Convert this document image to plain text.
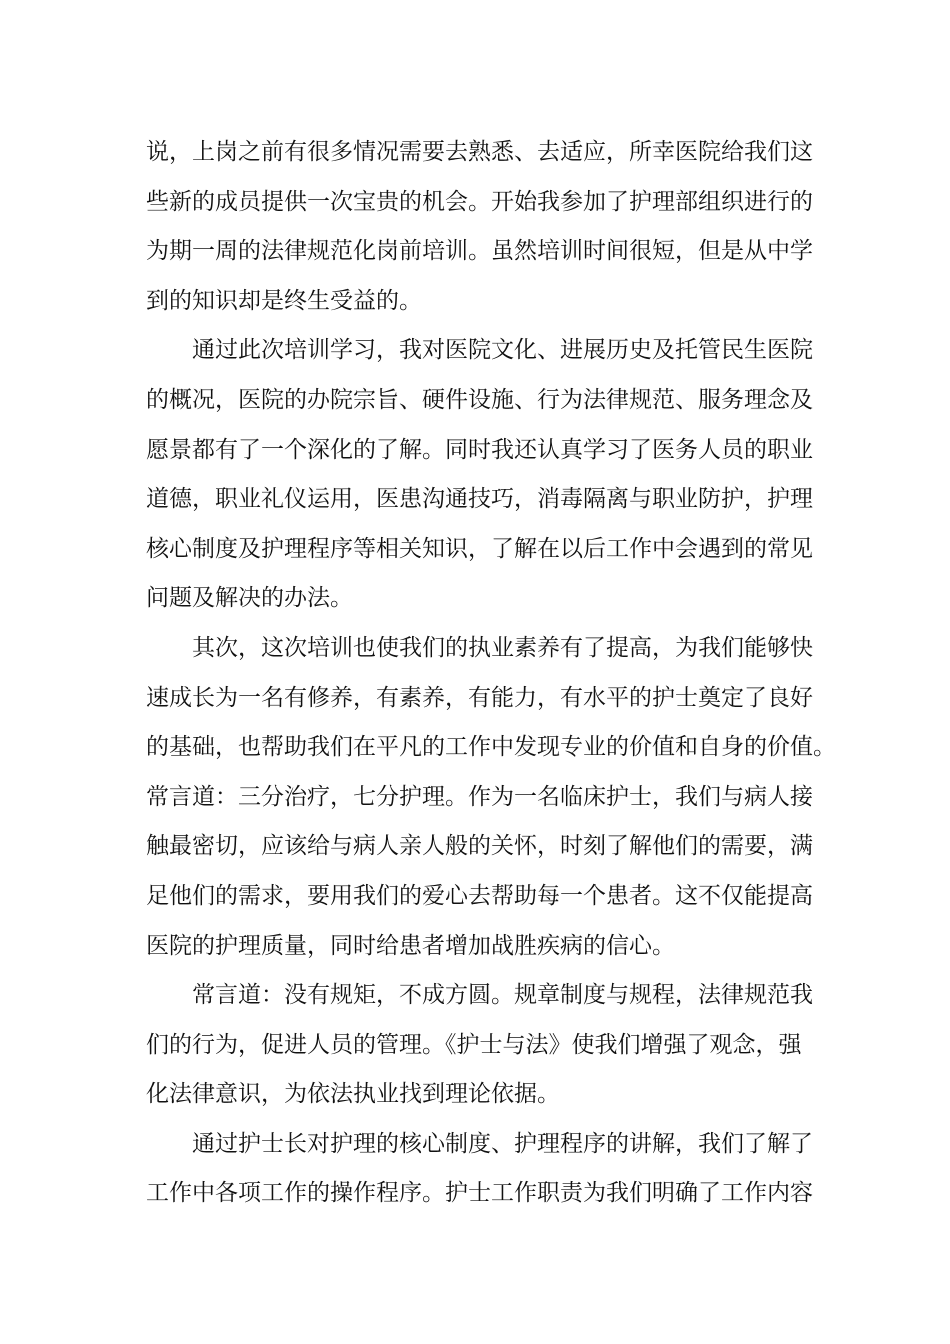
说，上岗之前有很多情况需要去熟悉、去适应，所幸医院给我们这
些新的成员提供一次宝贵的机会。开始我参加了护理部组织进行的
为期一周的法律规范化岗前培训。虽然培训时间很短，但是从中学
到的知识却是终生受益的。
通过此次培训学习，我对医院文化、进展历史及托管民生医院
的概况，医院的办院宗旨、硬件设施、行为法律规范、服务理念及
愿景都有了一个深化的了解。同时我还认真学习了医务人员的职业
道德，职业礼仪运用，医患沟通技巧，消毒隔离与职业防护，护理
核心制度及护理程序等相关知识，了解在以后工作中会遇到的常见
问题及解决的办法。
其次，这次培训也使我们的执业素养有了提高，为我们能够快
速成长为一名有修养，有素养，有能力，有水平的护士奠定了良好
的基础，也帮助我们在平凡的工作中发现专业的价值和自身的价值。
常言道：三分治疗，七分护理。作为一名临床护士，我们与病人接
触最密切，应该给与病人亲人般的关怀，时刻了解他们的需要，满
足他们的需求，要用我们的爱心去帮助每一个患者。这不仅能提高
医院的护理质量，同时给患者增加战胜疾病的信心。
常言道：没有规矩，不成方圆。规章制度与规程，法律规范我
们的行为，促进人员的管理。《护士与法》使我们增强了观念，强
化法律意识，为依法执业找到理论依据。
通过护士长对护理的核心制度、护理程序的讲解，我们了解了
工作中各项工作的操作程序。护士工作职责为我们明确了工作内容
